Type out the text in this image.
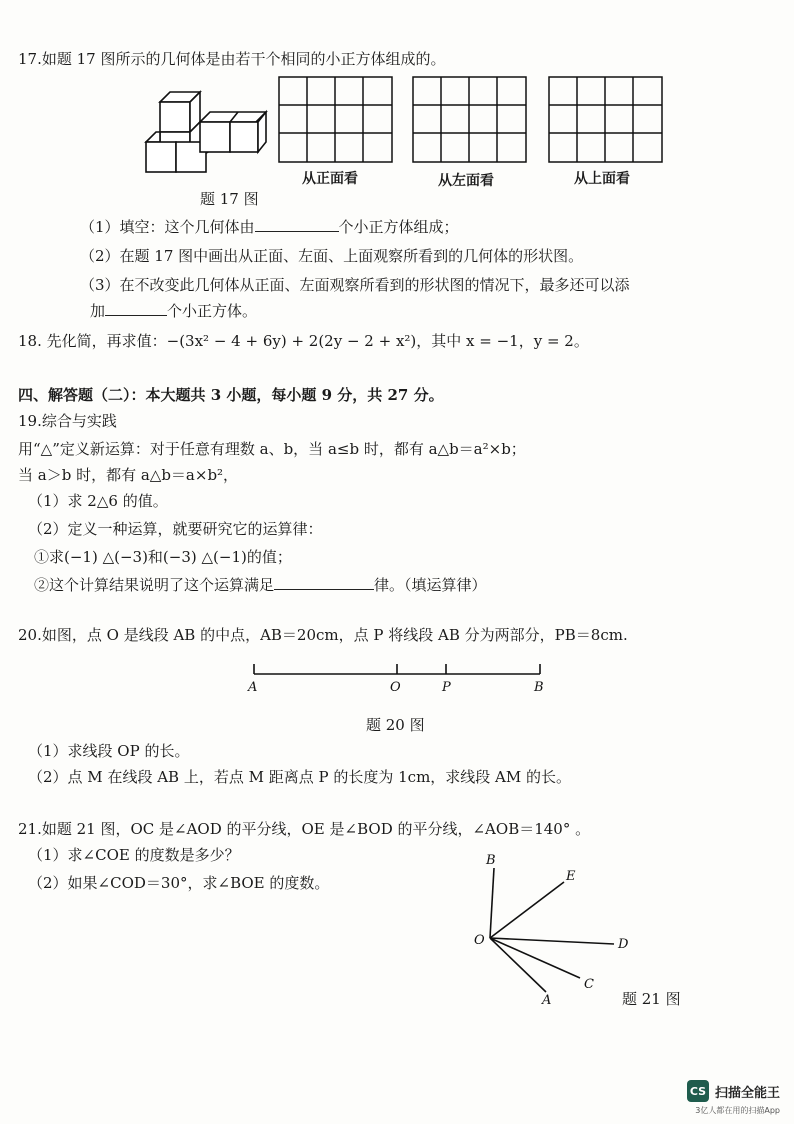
17.如题 17 图所示的几何体是由若干个相同的小正方体组成的。
题 17 图
从正面看	从左面看	从上面看
（1）填空：这个几何体由	个小正方体组成；
（2）在题 17 图中画出从正面、左面、上面观察所看到的几何体的形状图。
（3）在不改变此几何体从正面、左面观察所看到的形状图的情况下，最多还可以添
加	个小正方体。
18. 先化简，再求值：−(3x² − 4 + 6y) + 2(2y − 2 + x²)，其中 x = −1，y = 2。
四、解答题（二）：本大题共 3 小题，每小题 9 分，共 27 分。
19.综合与实践
用“△”定义新运算：对于任意有理数 a、b，当 a≤b 时，都有 a△b＝a²×b；
当 a＞b 时，都有 a△b＝a×b²，
（1）求 2△6 的值。
（2）定义一种运算，就要研究它的运算律：
①求(−1) △(−3)和(−3) △(−1)的值；
②这个计算结果说明了这个运算满足	律。（填运算律）
20.如图，点 O 是线段 AB 的中点，AB＝20cm，点 P 将线段 AB 分为两部分，PB＝8cm.
A	O	P	B
题 20 图
（1）求线段 OP 的长。
（2）点 M 在线段 AB 上，若点 M 距离点 P 的长度为 1cm，求线段 AM 的长。
21.如题 21 图，OC 是∠AOD 的平分线，OE 是∠BOD 的平分线，∠AOB＝140° 。
（1）求∠COE 的度数是多少？
（2）如果∠COD＝30°，求∠BOE 的度数。
B
E
O	D
C
A	题 21 图
CS 扫描全能王
3亿人都在用的扫描App
